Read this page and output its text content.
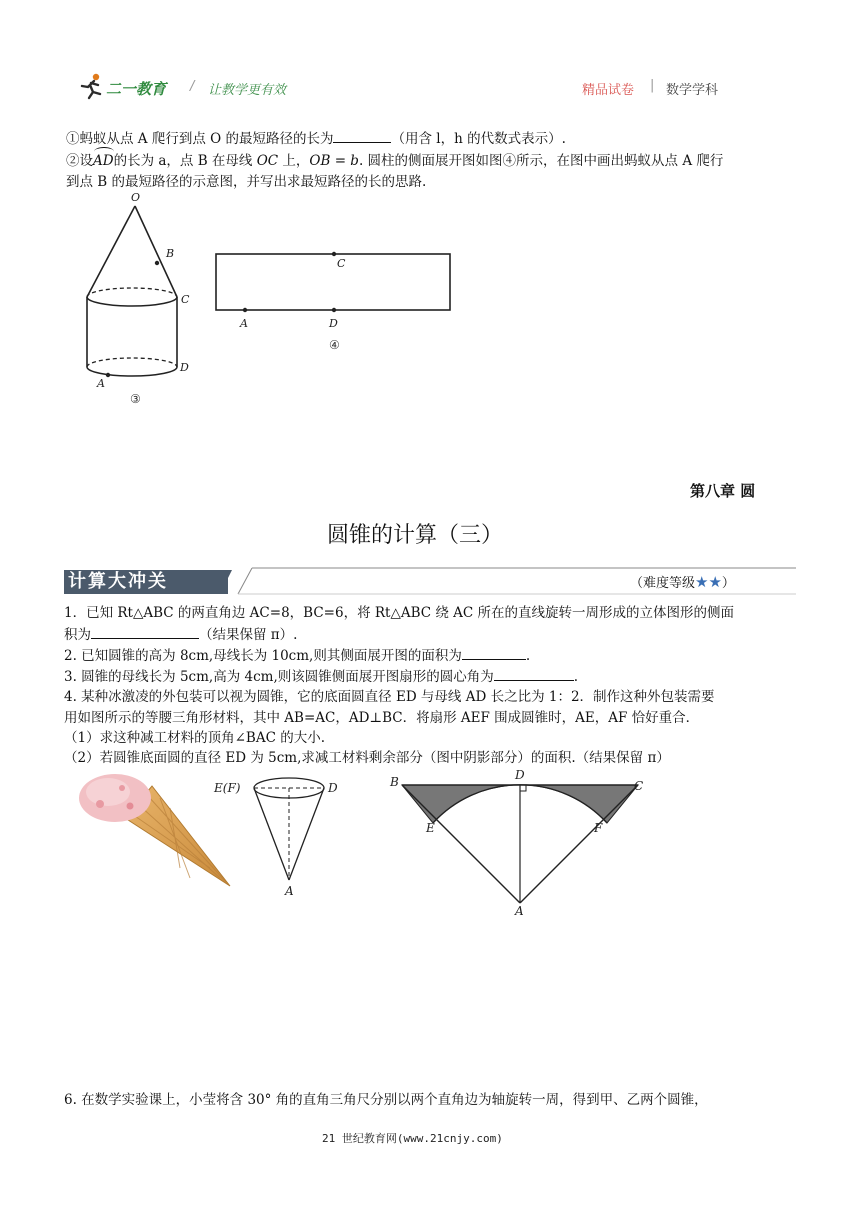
二一教育 / 让教学更有效	精品试卷 | 数学学科
①蚂蚁从点 A 爬行到点 O 的最短路径的长为	（用含 l，h 的代数式表示）.
②设
AD的长为 a，点 B 在母线 OC 上，OB = b. 圆柱的侧面展开图如图④所示，在图中画出蚂蚁从点 A 爬行
到点 B 的最短路径的示意图，并写出求最短路径的长的思路.
O
B
C
A
D
③
C
A	D
④
第八章 圆
圆锥的计算（三）
计算大冲关	（难度等级★★）
1．已知 Rt△ABC 的两直角边 AC=8，BC=6，将 Rt△ABC 绕 AC 所在的直线旋转一周形成的立体图形的侧面
积为	（结果保留 π）.
2. 已知圆锥的高为 8cm,母线长为 10cm,则其侧面展开图的面积为	.
3. 圆锥的母线长为 5cm,高为 4cm,则该圆锥侧面展开图扇形的圆心角为	.
4. 某种冰激凌的外包装可以视为圆锥，它的底面圆直径 ED 与母线 AD 长之比为 1：2．制作这种外包装需要
用如图所示的等腰三角形材料，其中 AB=AC，AD⊥BC．将扇形 AEF 围成圆锥时，AE，AF 恰好重合．
（1）求这种减工材料的顶角∠BAC 的大小.
（2）若圆锥底面圆的直径 ED 为 5cm,求减工材料剩余部分（图中阴影部分）的面积.（结果保留 π）
E(F)	D
A
B	D
C
E	F
A
6. 在数学实验课上，小莹将含 30° 角的直角三角尺分别以两个直角边为轴旋转一周，得到甲、乙两个圆锥，
21 世纪教育网(www.21cnjy.com)
